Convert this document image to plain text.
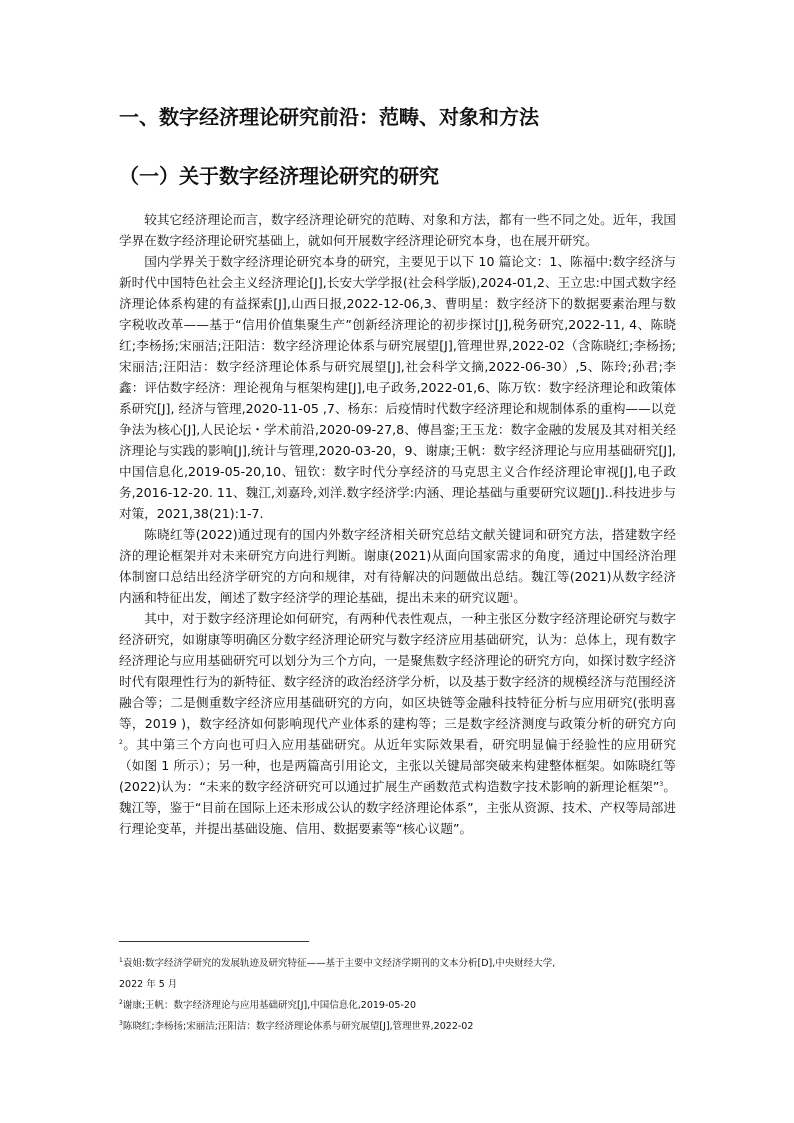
一、数字经济理论研究前沿：范畴、对象和方法
（一）关于数字经济理论研究的研究

较其它经济理论而言，数字经济理论研究的范畴、对象和方法，都有一些不同之处。近年，我国学界在数字经济理论研究基础上，就如何开展数字经济理论研究本身，也在展开研究。

国内学界关于数字经济理论研究本身的研究，主要见于以下 10 篇论文：1、陈福中:数字经济与新时代中国特色社会主义经济理论[J],长安大学学报(社会科学版),2024-01,2、王立忠:中国式数字经济理论体系构建的有益探索[J],山西日报,2022-12-06,3、曹明星：数字经济下的数据要素治理与数字税收改革——基于“信用价值集聚生产”创新经济理论的初步探讨[J],税务研究,2022-11, 4、陈晓红;李杨扬;宋丽洁;汪阳洁：数字经济理论体系与研究展望[J],管理世界,2022-02（含陈晓红;李杨扬;宋丽洁;汪阳洁：数字经济理论体系与研究展望[J],社会科学文摘,2022-06-30）,5、陈玲;孙君;李鑫：评估数字经济：理论视角与框架构建[J],电子政务,2022-01,6、陈万钦：数字经济理论和政策体系研究[J], 经济与管理,2020-11-05 ,7、杨东：后疫情时代数字经济理论和规制体系的重构——以竞争法为核心[J],人民论坛・学术前沿,2020-09-27,8、傅昌銮;王玉龙：数字金融的发展及其对相关经济理论与实践的影响[J],统计与管理,2020-03-20，9、谢康;王帆：数字经济理论与应用基础研究[J],中国信息化,2019-05-20,10、钮钦：数字时代分享经济的马克思主义合作经济理论审视[J],电子政务,2016-12-20. 11、魏江,刘嘉玲,刘洋.数字经济学:内涵、理论基础与重要研究议题[J]..科技进步与对策，2021,38(21):1-7.

陈晓红等(2022)通过现有的国内外数字经济相关研究总结文献关键词和研究方法，搭建数字经济的理论框架并对未来研究方向进行判断。谢康(2021)从面向国家需求的角度，通过中国经济治理体制窗口总结出经济学研究的方向和规律，对有待解决的问题做出总结。魏江等(2021)从数字经济内涵和特征出发，阐述了数字经济学的理论基础，提出未来的研究议题$^1$。

其中，对于数字经济理论如何研究，有两种代表性观点，一种主张区分数字经济理论研究与数字经济研究，如谢康等明确区分数字经济理论研究与数字经济应用基础研究，认为：总体上，现有数字经济理论与应用基础研究可以划分为三个方向，一是聚焦数字经济理论的研究方向，如探讨数字经济时代有限理性行为的新特征、数字经济的政治经济学分析，以及基于数字经济的规模经济与范围经济融合等；二是侧重数字经济应用基础研究的方向，如区块链等金融科技特征分析与应用研究(张明喜等，2019 )，数字经济如何影响现代产业体系的建构等；三是数字经济测度与政策分析的研究方向$^2$。其中第三个方向也可归入应用基础研究。从近年实际效果看，研究明显偏于经验性的应用研究（如图 1 所示）；另一种，也是两篇高引用论文，主张以关键局部突破来构建整体框架。如陈晓红等(2022)认为：“未来的数字经济研究可以通过扩展生产函数范式构造数字技术影响的新理论框架”$^3$。魏江等，鉴于“目前在国际上还未形成公认的数字经济理论体系”，主张从资源、技术、产权等局部进行理论变革，并提出基础设施、信用、数据要素等“核心议题”。

$^1$袁姐:数字经济学研究的发展轨迹及研究特征——基于主要中文经济学期刊的文本分析[D],中央财经大学,
2022 年 5 月
$^2$谢康;王帆：数字经济理论与应用基础研究[J],中国信息化,2019-05-20
$^3$陈晓红;李杨扬;宋丽洁;汪阳洁：数字经济理论体系与研究展望[J],管理世界,2022-02
